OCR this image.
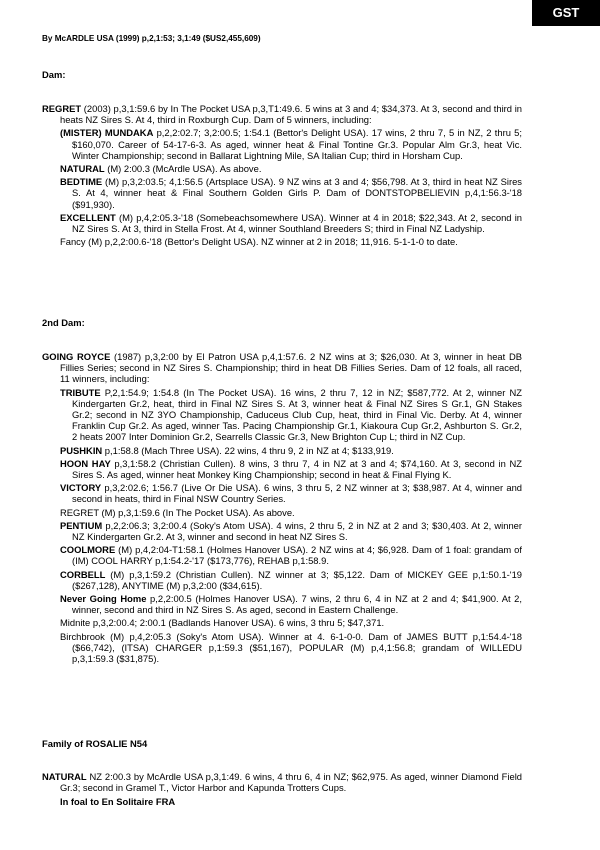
GST
By McARDLE USA (1999) p,2,1:53; 3,1:49 ($US2,455,609)
Dam:
REGRET (2003) p,3,1:59.6 by In The Pocket USA p,3,T1:49.6. 5 wins at 3 and 4; $34,373. At 3, second and third in heats NZ Sires S. At 4, third in Roxburgh Cup. Dam of 5 winners, including:
(MISTER) MUNDAKA p,2,2:02.7; 3,2:00.5; 1:54.1 (Bettor's Delight USA). 17 wins, 2 thru 7, 5 in NZ, 2 thru 5; $160,070. Career of 54-17-6-3. As aged, winner heat & Final Tontine Gr.3. Popular Alm Gr.3, heat Vic. Winter Championship; second in Ballarat Lightning Mile, SA Italian Cup; third in Horsham Cup.
NATURAL (M) 2:00.3 (McArdle USA). As above.
BEDTIME (M) p,3,2:03.5; 4,1:56.5 (Artsplace USA). 9 NZ wins at 3 and 4; $56,798. At 3, third in heat NZ Sires S. At 4, winner heat & Final Southern Golden Girls P. Dam of DONTSTOPBELIEVIN p,4,1:56.3-'18 ($91,930).
EXCELLENT (M) p,4,2:05.3-'18 (Somebeachsomewhere USA). Winner at 4 in 2018; $22,343. At 2, second in NZ Sires S. At 3, third in Stella Frost. At 4, winner Southland Breeders S; third in Final NZ Ladyship.
Fancy (M) p,2,2:00.6-'18 (Bettor's Delight USA). NZ winner at 2 in 2018; 11,916. 5-1-1-0 to date.
2nd Dam:
GOING ROYCE (1987) p,3,2:00 by El Patron USA p,4,1:57.6. 2 NZ wins at 3; $26,030. At 3, winner in heat DB Fillies Series; second in NZ Sires S. Championship; third in heat DB Fillies Series. Dam of 12 foals, all raced, 11 winners, including:
TRIBUTE P,2,1:54.9; 1:54.8 (In The Pocket USA). 16 wins, 2 thru 7, 12 in NZ; $587,772. At 2, winner NZ Kindergarten Gr.2, heat, third in Final NZ Sires S. At 3, winner heat & Final NZ Sires S Gr.1, GN Stakes Gr.2; second in NZ 3YO Championship, Caduceus Club Cup, heat, third in Final Vic. Derby. At 4, winner Franklin Cup Gr.2. As aged, winner Tas. Pacing Championship Gr.1, Kiakoura Cup Gr.2, Ashburton S. Gr.2, 2 heats 2007 Inter Dominion Gr.2, Searrells Classic Gr.3, New Brighton Cup L; third in NZ Cup.
PUSHKIN p,1:58.8 (Mach Three USA). 22 wins, 4 thru 9, 2 in NZ at 4; $133,919.
HOON HAY p,3,1:58.2 (Christian Cullen). 8 wins, 3 thru 7, 4 in NZ at 3 and 4; $74,160. At 3, second in NZ Sires S. As aged, winner heat Monkey King Championship; second in heat & Final Flying K.
VICTORY p,3,2:02.6; 1:56.7 (Live Or Die USA). 6 wins, 3 thru 5, 2 NZ winner at 3; $38,987. At 4, winner and second in heats, third in Final NSW Country Series.
REGRET (M) p,3,1:59.6 (In The Pocket USA). As above.
PENTIUM p,2,2:06.3; 3,2:00.4 (Soky's Atom USA). 4 wins, 2 thru 5, 2 in NZ at 2 and 3; $30,403. At 2, winner NZ Kindergarten Gr.2. At 3, winner and second in heat NZ Sires S.
COOLMORE (M) p,4,2:04-T1:58.1 (Holmes Hanover USA). 2 NZ wins at 4; $6,928. Dam of 1 foal: grandam of (IM) COOL HARRY p,1:54.2-'17 ($173,776), REHAB p,1:58.9.
CORBELL (M) p,3,1:59.2 (Christian Cullen). NZ winner at 3; $5,122. Dam of MICKEY GEE p,1:50.1-'19 ($267,128), ANYTIME (M) p,3,2:00 ($34,615).
Never Going Home p,2,2:00.5 (Holmes Hanover USA). 7 wins, 2 thru 6, 4 in NZ at 2 and 4; $41,900. At 2, winner, second and third in NZ Sires S. As aged, second in Eastern Challenge.
Midnite p,3,2:00.4; 2:00.1 (Badlands Hanover USA). 6 wins, 3 thru 5; $47,371.
Birchbrook (M) p,4,2:05.3 (Soky's Atom USA). Winner at 4. 6-1-0-0. Dam of JAMES BUTT p,1:54.4-'18 ($66,742), (ITSA) CHARGER p,1:59.3 ($51,167), POPULAR (M) p,4,1:56.8; grandam of WILLEDU p,3,1:59.3 ($31,875).
Family of ROSALIE N54
NATURAL NZ 2:00.3 by McArdle USA p,3,1:49. 6 wins, 4 thru 6, 4 in NZ; $62,975. As aged, winner Diamond Field Gr.3; second in Gramel T., Victor Harbor and Kapunda Trotters Cups.
In foal to En Solitaire FRA
